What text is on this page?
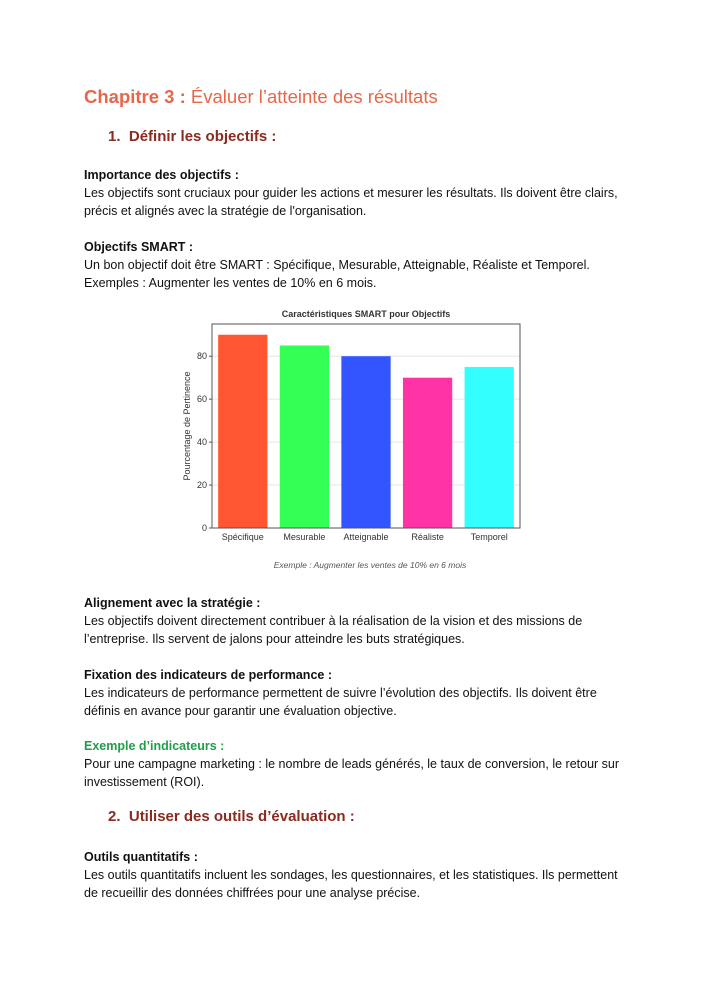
Chapitre 3 : Évaluer l’atteinte des résultats
1. Définir les objectifs :

Importance des objectifs :

Les objectifs sont cruciaux pour guider les actions et mesurer les résultats. Ils doivent être clairs, précis et alignés avec la stratégie de l'organisation.

Objectifs SMART :

Un bon objectif doit être SMART : Spécifique, Mesurable, Atteignable, Réaliste et Temporel. Exemples : Augmenter les ventes de 10% en 6 mois.

Caractéristiques SMART pour Objectifs
Spécifique Mesurable Atteignable	Réaliste	Temporel
0
20
40
60
80
Pourcentage de Pertinence
Exemple : Augmenter les ventes de 10% en 6 mois

Alignement avec la stratégie :

Les objectifs doivent directement contribuer à la réalisation de la vision et des missions de l’entreprise. Ils servent de jalons pour atteindre les buts stratégiques.

Fixation des indicateurs de performance :

Les indicateurs de performance permettent de suivre l’évolution des objectifs. Ils doivent être définis en avance pour garantir une évaluation objective.

Exemple d’indicateurs :

Pour une campagne marketing : le nombre de leads générés, le taux de conversion, le retour sur investissement (ROI).

2. Utiliser des outils d’évaluation :

Outils quantitatifs :

Les outils quantitatifs incluent les sondages, les questionnaires, et les statistiques. Ils permettent de recueillir des données chiffrées pour une analyse précise.
